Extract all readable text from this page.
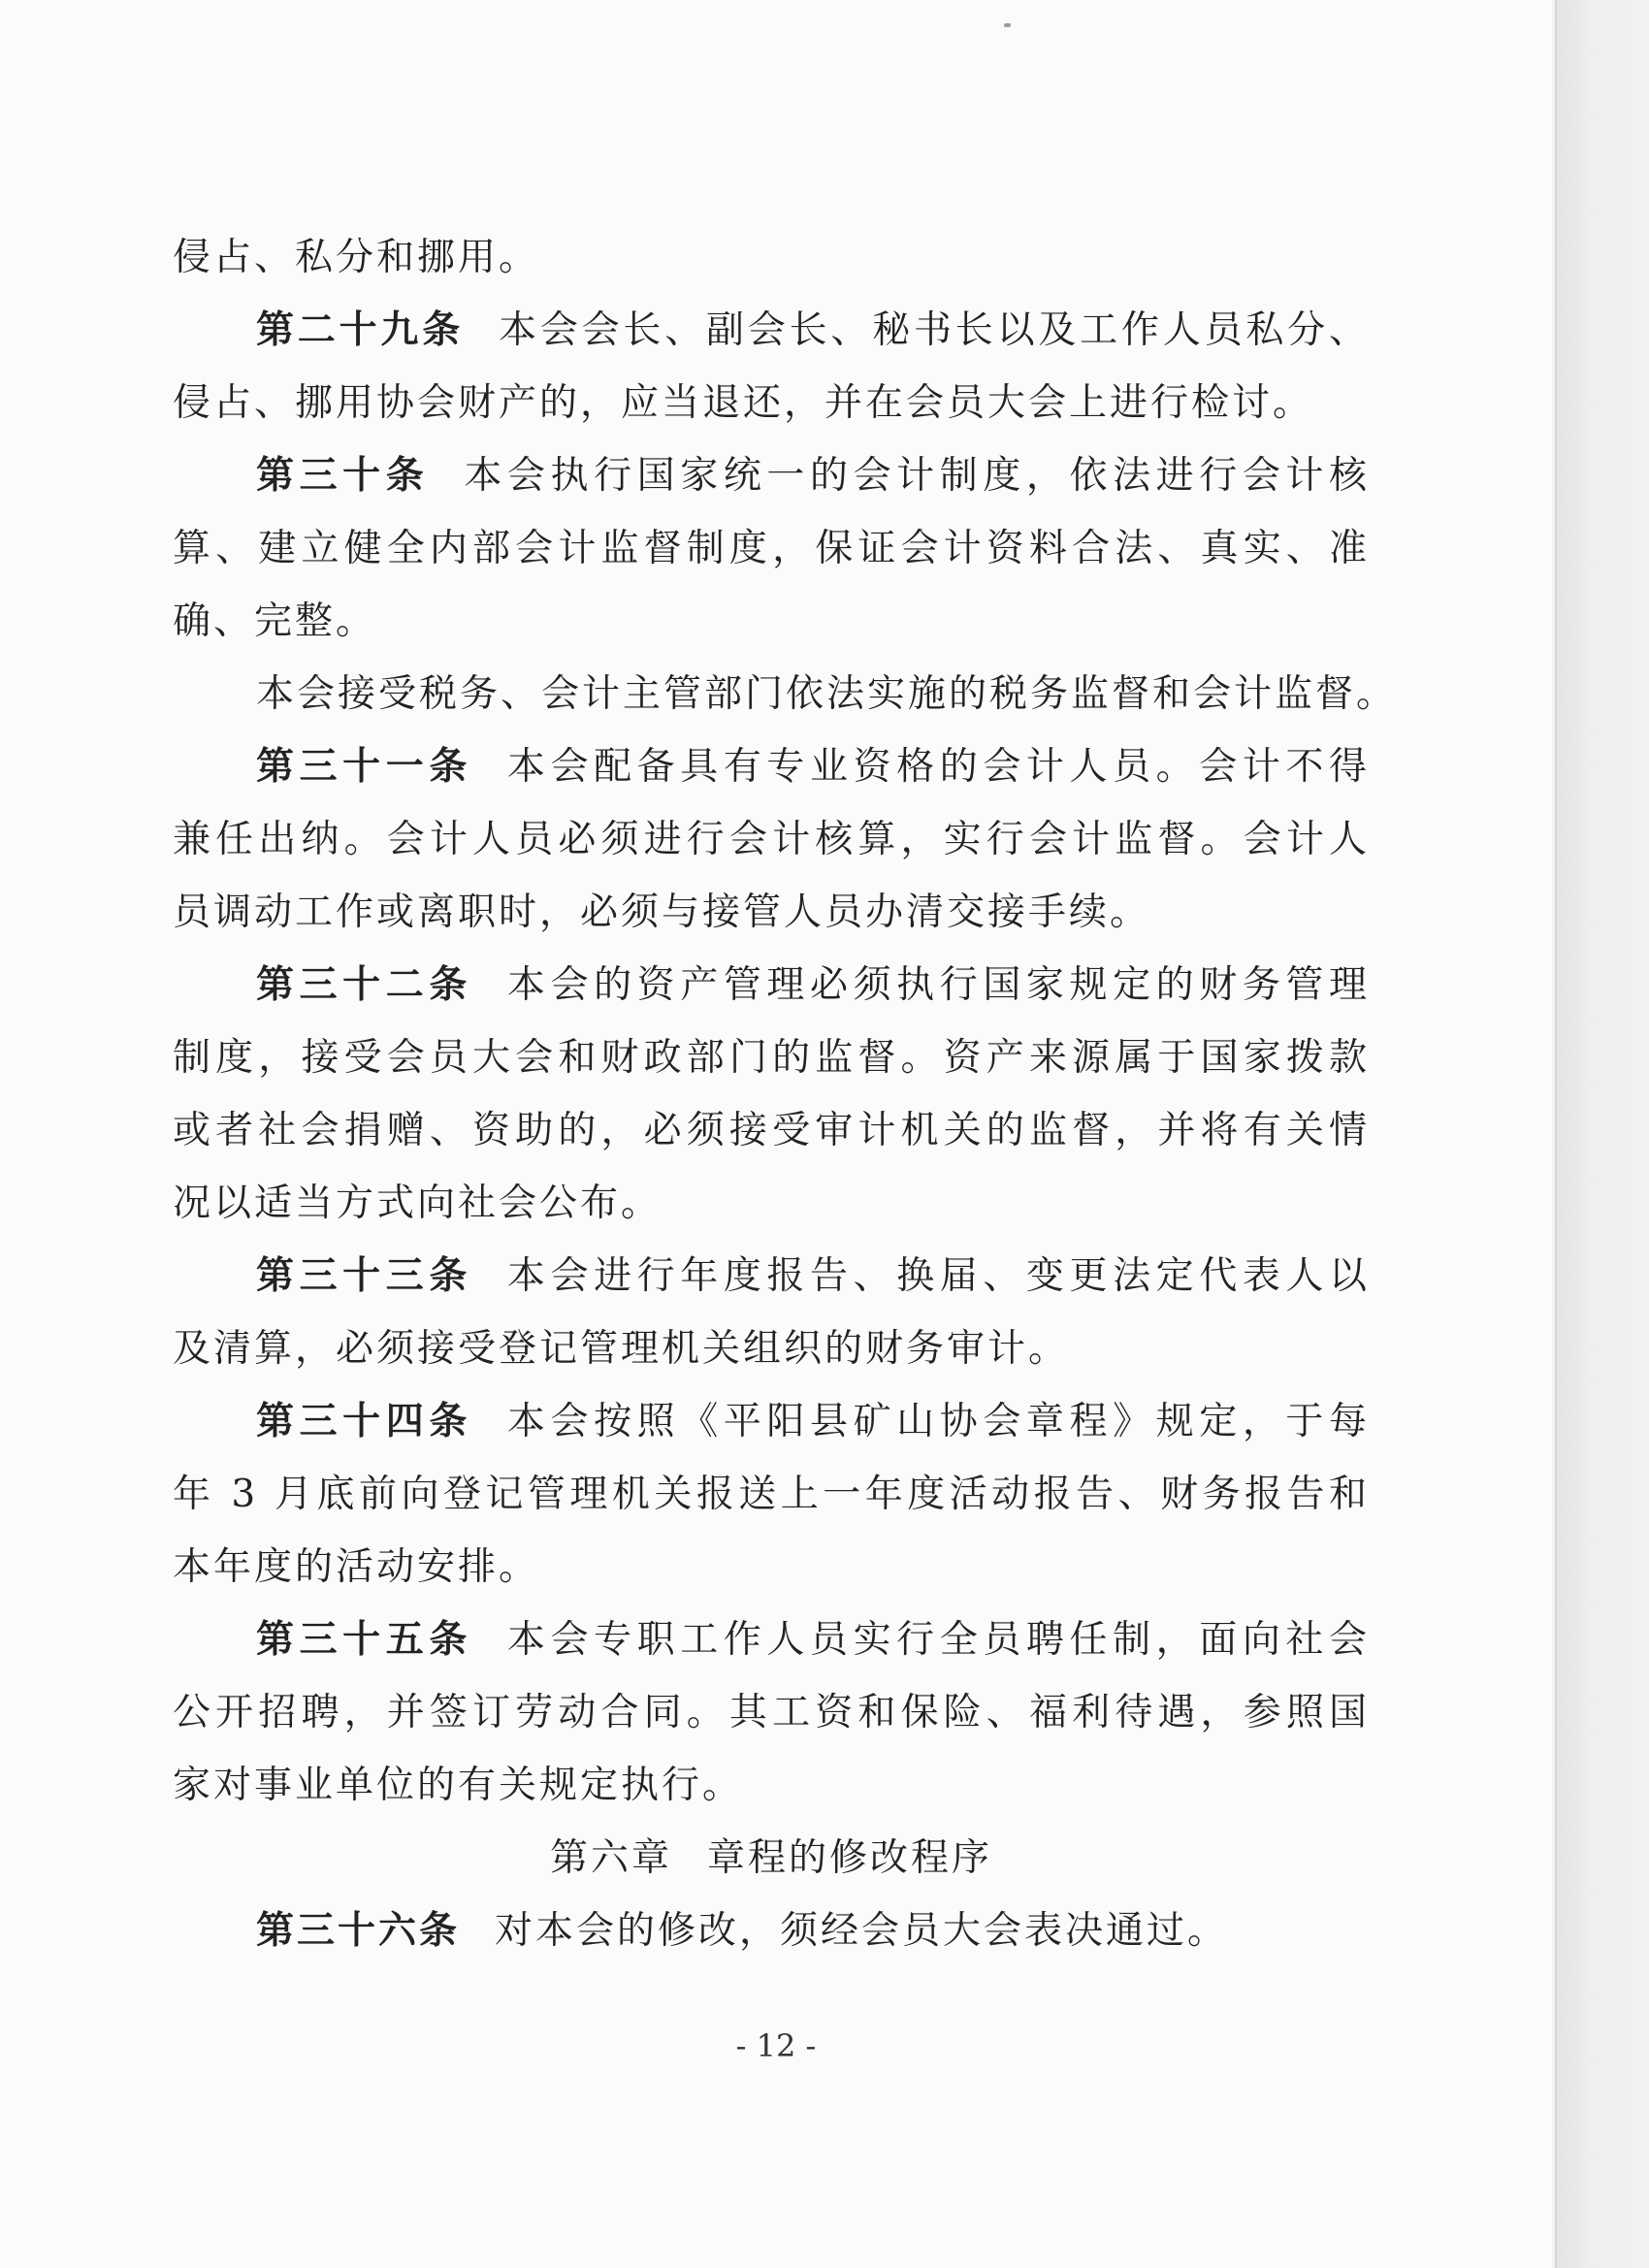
侵占、私分和挪用。
第二十九条 本会会长、副会长、秘书长以及工作人员私分、
侵占、挪用协会财产的，应当退还，并在会员大会上进行检讨。
第三十条 本会执行国家统一的会计制度，依法进行会计核
算、建立健全内部会计监督制度，保证会计资料合法、真实、准
确、完整。
本会接受税务、会计主管部门依法实施的税务监督和会计监督。
第三十一条 本会配备具有专业资格的会计人员。会计不得
兼任出纳。会计人员必须进行会计核算，实行会计监督。会计人
员调动工作或离职时，必须与接管人员办清交接手续。
第三十二条 本会的资产管理必须执行国家规定的财务管理
制度，接受会员大会和财政部门的监督。资产来源属于国家拨款
或者社会捐赠、资助的，必须接受审计机关的监督，并将有关情
况以适当方式向社会公布。
第三十三条 本会进行年度报告、换届、变更法定代表人以
及清算，必须接受登记管理机关组织的财务审计。
第三十四条 本会按照《平阳县矿山协会章程》规定，于每
年 3 月底前向登记管理机关报送上一年度活动报告、财务报告和
本年度的活动安排。
第三十五条 本会专职工作人员实行全员聘任制，面向社会
公开招聘，并签订劳动合同。其工资和保险、福利待遇，参照国
家对事业单位的有关规定执行。
第六章 章程的修改程序
第三十六条 对本会的修改，须经会员大会表决通过。
- 12 -
